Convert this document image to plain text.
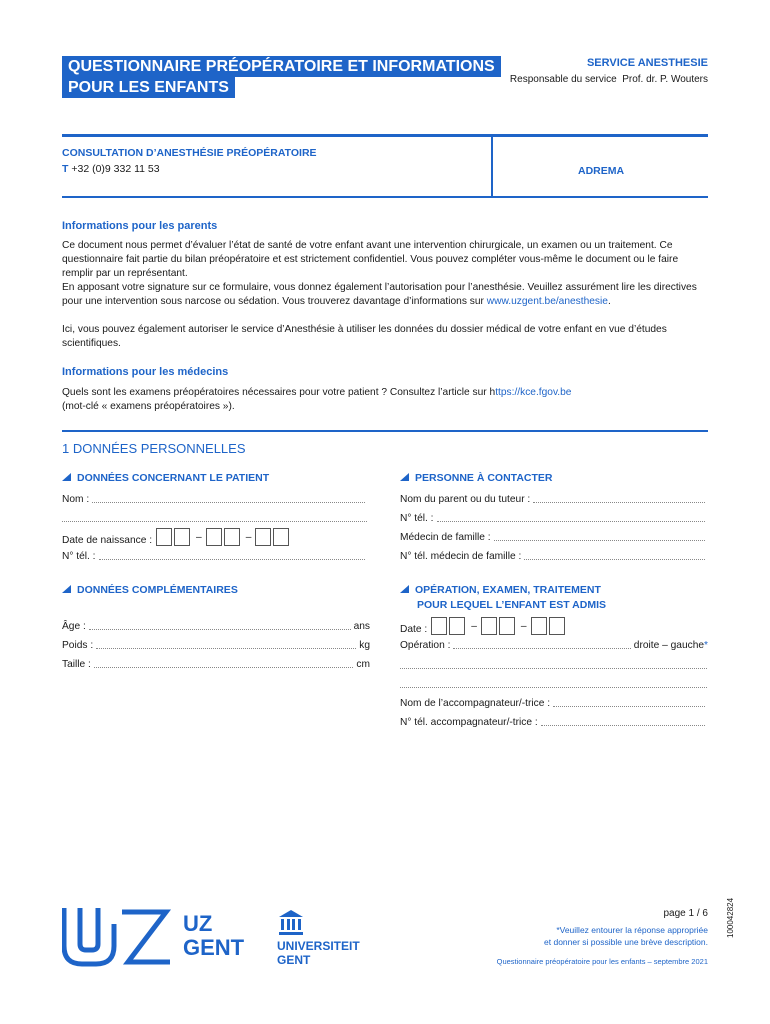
QUESTIONNAIRE PRÉOPÉRATOIRE ET INFORMATIONS
POUR LES ENFANTS
SERVICE ANESTHESIE
Responsable du service Prof. dr. P. Wouters
CONSULTATION D’ANESTHÉSIE PRÉOPÉRATOIRE
T +32 (0)9 332 11 53	ADREMA
Informations pour les parents

Ce document nous permet d’évaluer l’état de santé de votre enfant avant une intervention chirurgicale, un examen ou un traitement. Ce questionnaire fait partie du bilan préopératoire et est strictement confidentiel. Vous pouvez compléter vous-même le document ou le faire remplir par un représentant.

En apposant votre signature sur ce formulaire, vous donnez également l’autorisation pour l’anesthésie. Veuillez assurément lire les directives pour une intervention sous narcose ou sédation. Vous trouverez davantage d’informations sur www.uzgent.be/anesthesie.

Ici, vous pouvez également autoriser le service d’Anesthésie à utiliser les données du dossier médical de votre enfant en vue d’études scientifiques.

Informations pour les médecins

Quels sont les examens préopératoires nécessaires pour votre patient ? Consultez l’article sur https://kce.fgov.be

(mot-clé « examens préopératoires »).

1 DONNÉES PERSONNELLES
DONNÉES CONCERNANT LE PATIENT
Nom :
Date de naissance :	–	–
N° tél. :
PERSONNE À CONTACTER
Nom du parent ou du tuteur :
N° tél. :
Médecin de famille :
N° tél. médecin de famille :
DONNÉES COMPLÉMENTAIRES
Âge :	ans
Poids :	kg
Taille :	cm
OPÉRATION, EXAMEN, TRAITEMENT
POUR LEQUEL L’ENFANT EST ADMIS
Date :	–	–
Opération :	droite – gauche*
Nom de l’accompagnateur/-trice :
N° tél. accompagnateur/-trice :
UZ
GENT	UNIVERSITEIT
GENT
page 1 / 6
*Veuillez entourer la réponse appropriée
et donner si possible une brève description.
Questionnaire préopératoire pour les enfants – septembre 2021
100042824
